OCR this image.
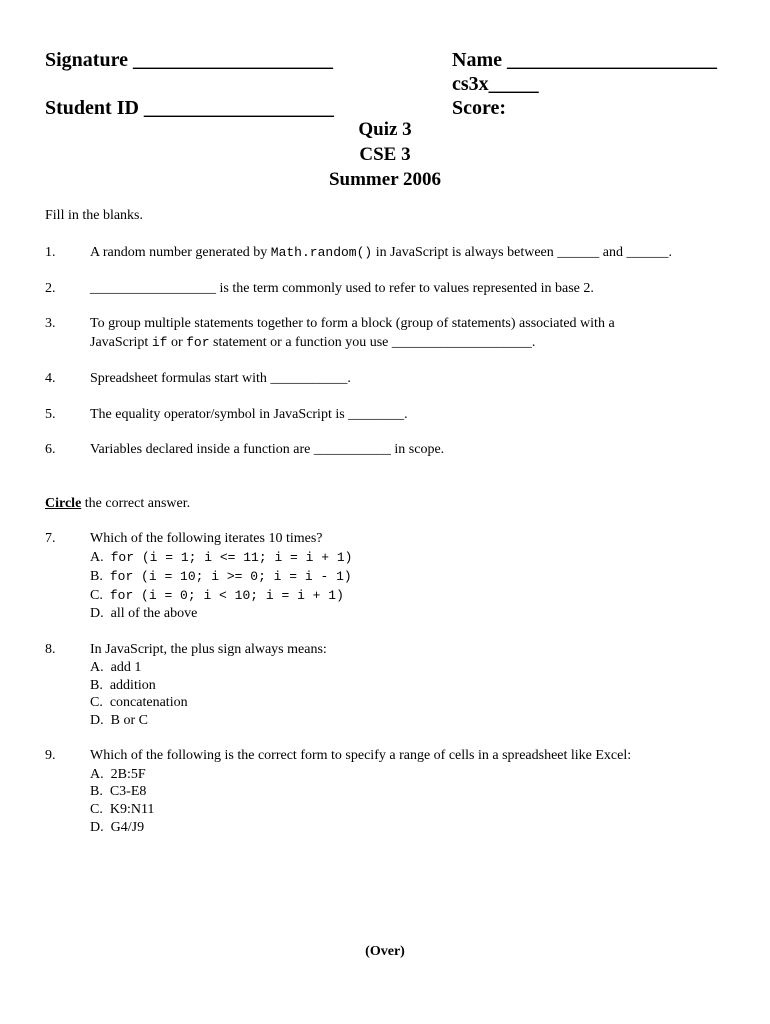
Signature ____________________
Student ID ___________________
Name _____________________
cs3x_____
Score:
Quiz 3
CSE 3
Summer 2006
Fill in the blanks.
1. A random number generated by Math.random() in JavaScript is always between ______ and ______.
2. __________________ is the term commonly used to refer to values represented in base 2.
3. To group multiple statements together to form a block (group of statements) associated with a
JavaScript if or for statement or a function you use ____________________.
4. Spreadsheet formulas start with ___________.
5. The equality operator/symbol in JavaScript is ________.
6. Variables declared inside a function are ___________ in scope.
Circle the correct answer.
7. Which of the following iterates 10 times?
A.  for (i = 1; i <= 11; i = i + 1)
B.  for (i = 10; i >= 0; i = i - 1)
C.  for (i = 0; i < 10; i = i + 1)
D.  all of the above
8. In JavaScript, the plus sign always means:
A.  add 1
B.  addition
C.  concatenation
D.  B or C
9. Which of the following is the correct form to specify a range of cells in a spreadsheet like Excel:
A.  2B:5F
B.  C3-E8
C.  K9:N11
D.  G4/J9
(Over)
